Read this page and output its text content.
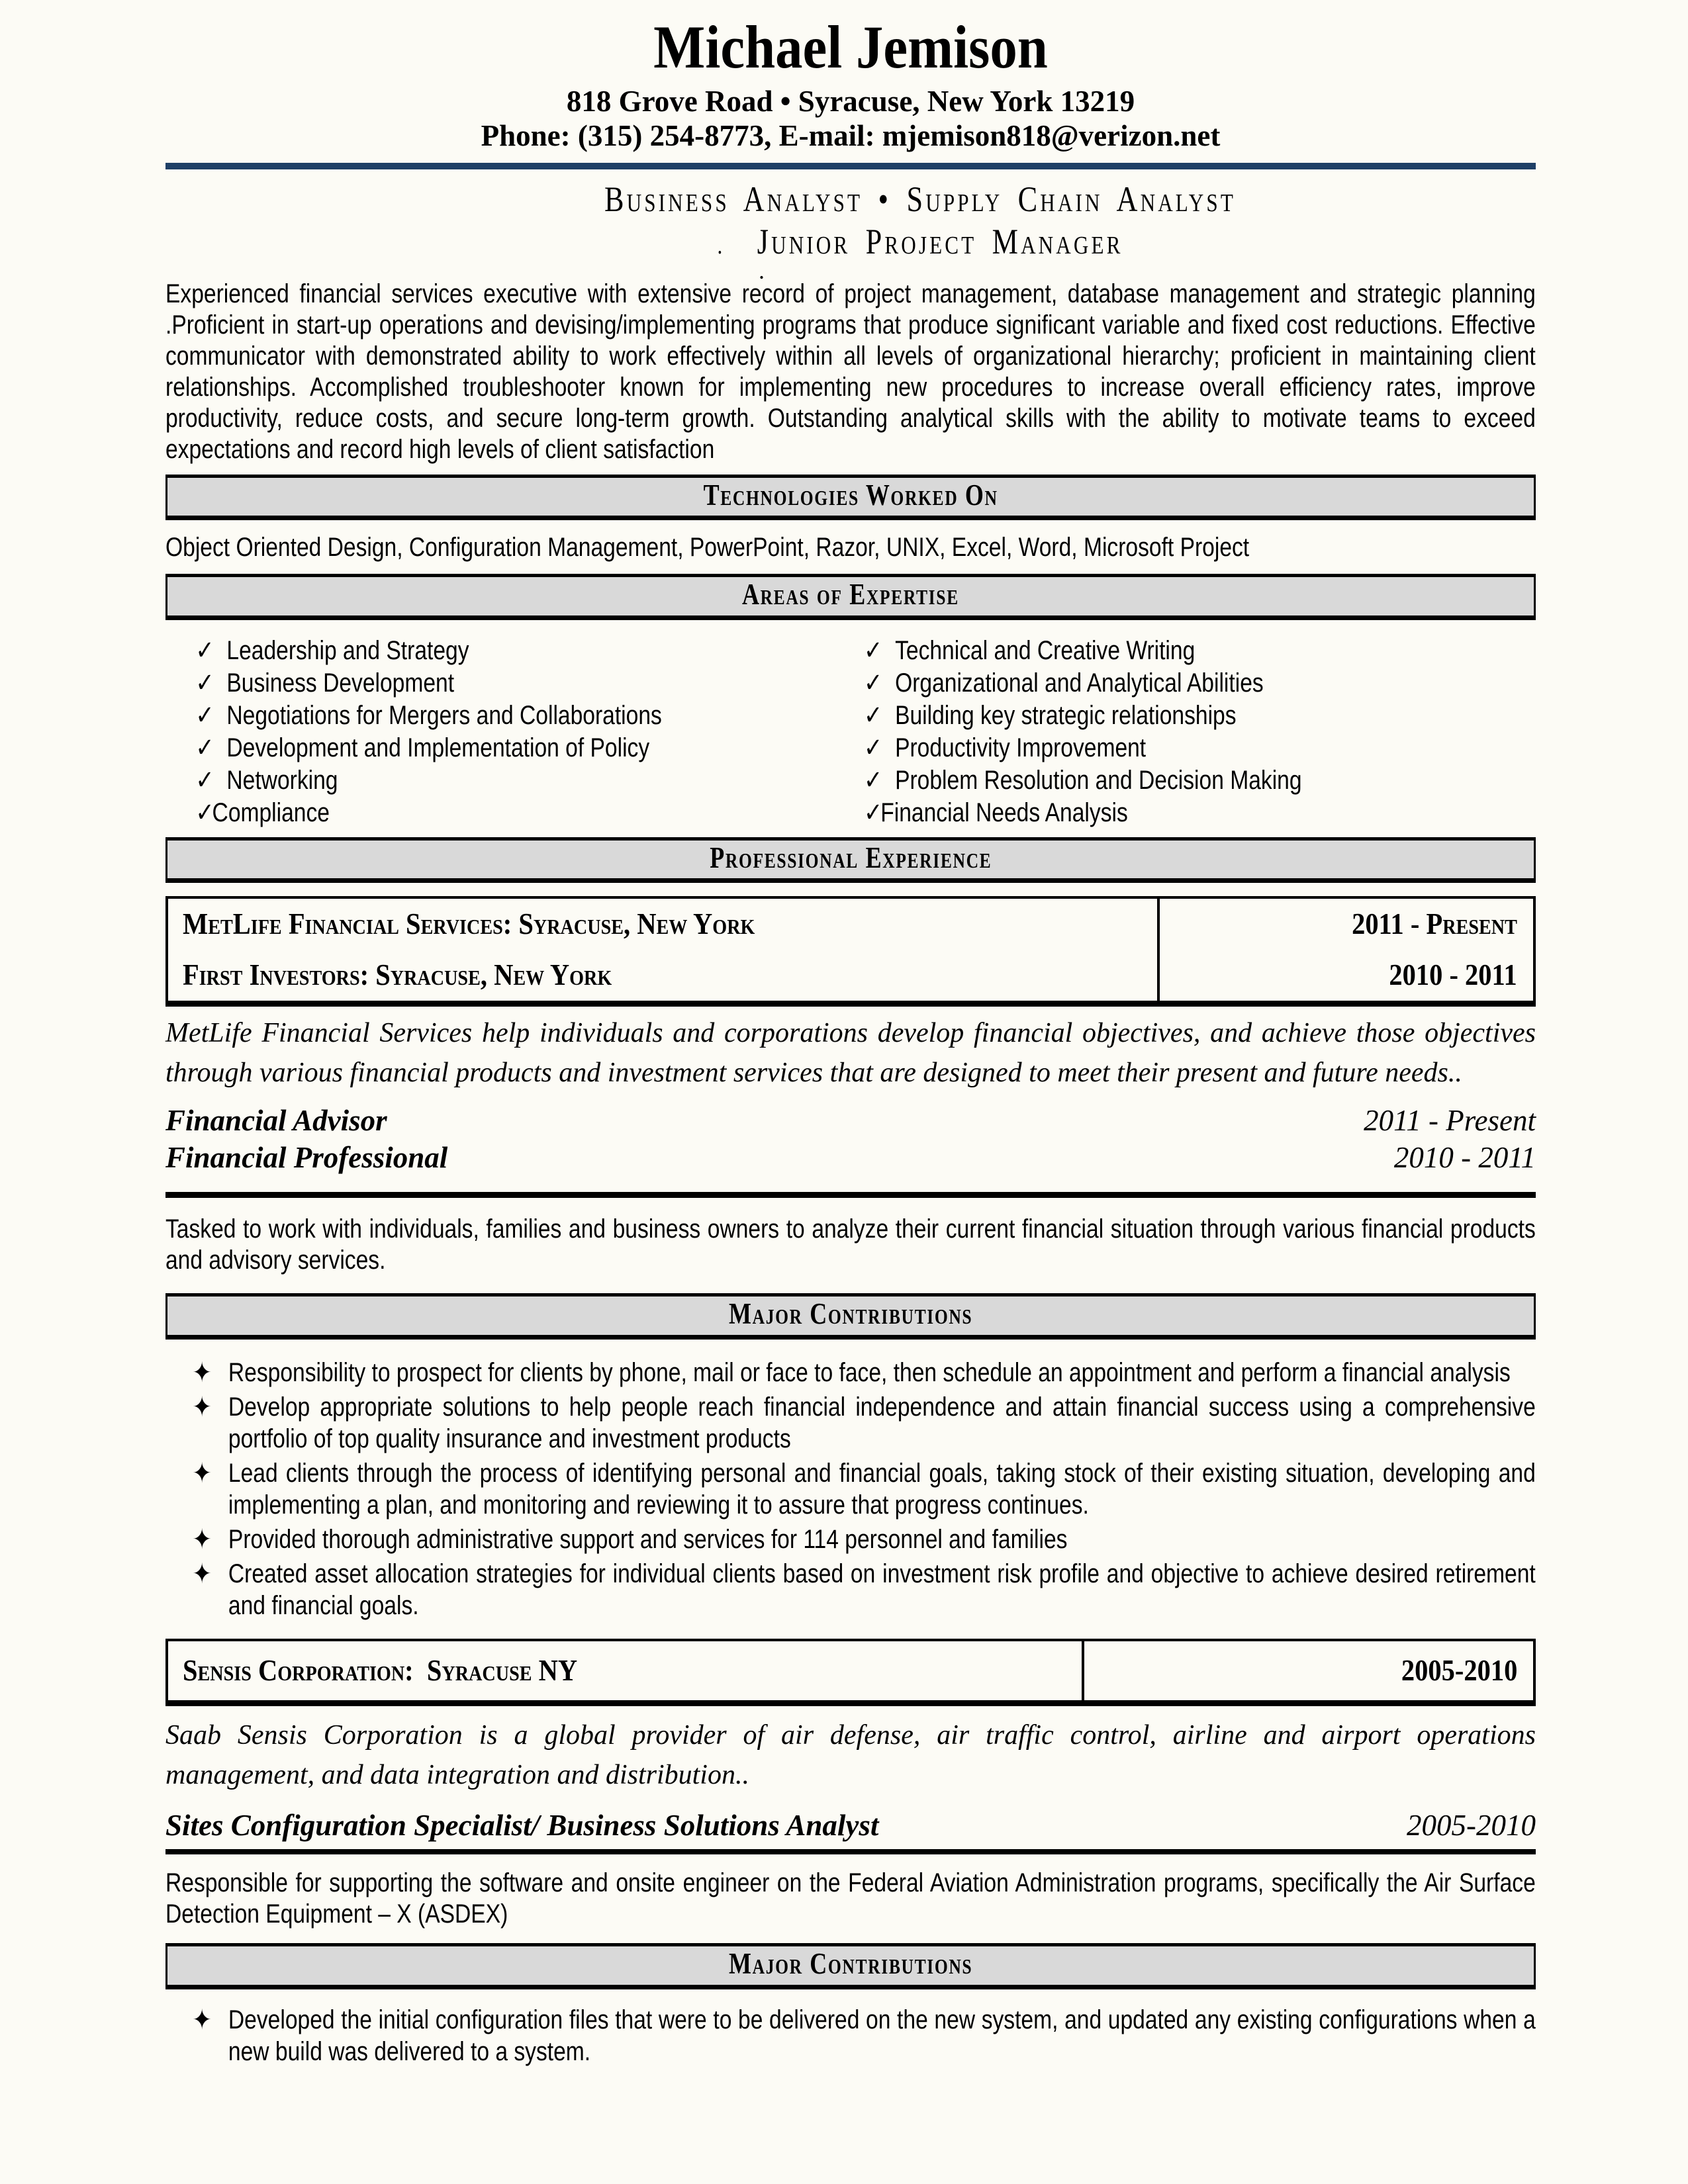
Michael Jemison
818 Grove Road • Syracuse, New York 13219
Phone: (315) 254-8773, E-mail: mjemison818@verizon.net
Business Analyst • Supply Chain Analyst
. Junior Project Manager
.

Experienced financial services executive with extensive record of project management, database management and strategic planning .Proficient in start-up operations and devising/implementing programs that produce significant variable and fixed cost reductions. Effective communicator with demonstrated ability to work effectively within all levels of organizational hierarchy; proficient in maintaining client relationships. Accomplished troubleshooter known for implementing new procedures to increase overall efficiency rates, improve productivity, reduce costs, and secure long-term growth. Outstanding analytical skills with the ability to motivate teams to exceed expectations and record high levels of client satisfaction

Technologies Worked On

Object Oriented Design, Configuration Management, PowerPoint, Razor, UNIX, Excel, Word, Microsoft Project

Areas of Expertise
✓ Leadership and Strategy
✓ Business Development
✓ Negotiations for Mergers and Collaborations
✓ Development and Implementation of Policy
✓ Networking
✓
Compliance
✓ Technical and Creative Writing
✓ Organizational and Analytical Abilities
✓ Building key strategic relationships
✓ Productivity Improvement
✓ Problem Resolution and Decision Making
✓
Financial Needs Analysis
Professional Experience
MetLife Financial Services: Syracuse, New York	2011 - Present
First Investors: Syracuse, New York	2010 - 2011

MetLife Financial Services help individuals and corporations develop financial objectives, and achieve those objectives through various financial products and investment services that are designed to meet their present and future needs..

Financial Advisor	2011 - Present
Financial Professional	2010 - 2011

Tasked to work with individuals, families and business owners to analyze their current financial situation through various financial products and advisory services.

Major Contributions
✦ Responsibility to prospect for clients by phone, mail or face to face, then schedule an appointment and perform a financial analysis
✦ Develop appropriate solutions to help people reach financial independence and attain financial success using a comprehensive portfolio of top quality insurance and investment products
✦ Lead clients through the process of identifying personal and financial goals, taking stock of their existing situation, developing and implementing a plan, and monitoring and reviewing it to assure that progress continues.
✦ Provided thorough administrative support and services for 114 personnel and families
✦ Created asset allocation strategies for individual clients based on investment risk profile and objective to achieve desired retirement and financial goals.
Sensis Corporation:  Syracuse NY	2005-2010

Saab Sensis Corporation is a global provider of air defense, air traffic control, airline and airport operations management, and data integration and distribution..

Sites Configuration Specialist/ Business Solutions Analyst	2005-2010

Responsible for supporting the software and onsite engineer on the Federal Aviation Administration programs, specifically the Air Surface Detection Equipment – X (ASDEX)

Major Contributions
✦ Developed the initial configuration files that were to be delivered on the new system, and updated any existing configurations when a new build was delivered to a system.
